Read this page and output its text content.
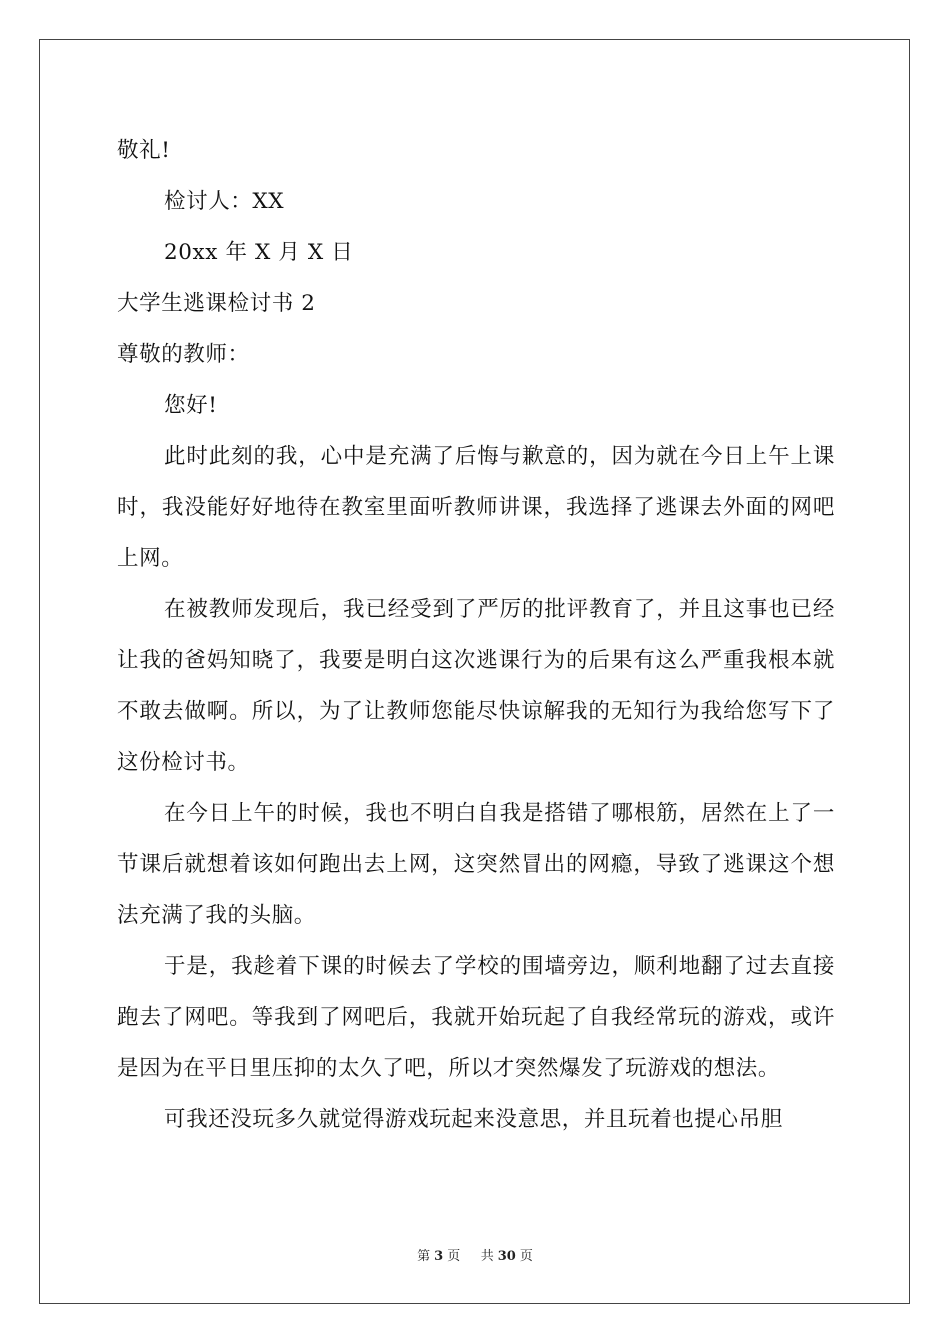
敬礼!
检讨人：XX
20xx 年 X 月 X 日
大学生逃课检讨书 2
尊敬的教师：
您好!

此时此刻的我，心中是充满了后悔与歉意的，因为就在今日上午上课时，我没能好好地待在教室里面听教师讲课，我选择了逃课去外面的网吧上网。

在被教师发现后，我已经受到了严厉的批评教育了，并且这事也已经让我的爸妈知晓了，我要是明白这次逃课行为的后果有这么严重我根本就不敢去做啊。所以，为了让教师您能尽快谅解我的无知行为我给您写下了这份检讨书。

在今日上午的时候，我也不明白自我是搭错了哪根筋，居然在上了一节课后就想着该如何跑出去上网，这突然冒出的网瘾，导致了逃课这个想法充满了我的头脑。

于是，我趁着下课的时候去了学校的围墙旁边，顺利地翻了过去直接跑去了网吧。等我到了网吧后，我就开始玩起了自我经常玩的游戏，或许是因为在平日里压抑的太久了吧，所以才突然爆发了玩游戏的想法。

可我还没玩多久就觉得游戏玩起来没意思，并且玩着也提心吊胆

第 3 页 共 30 页
